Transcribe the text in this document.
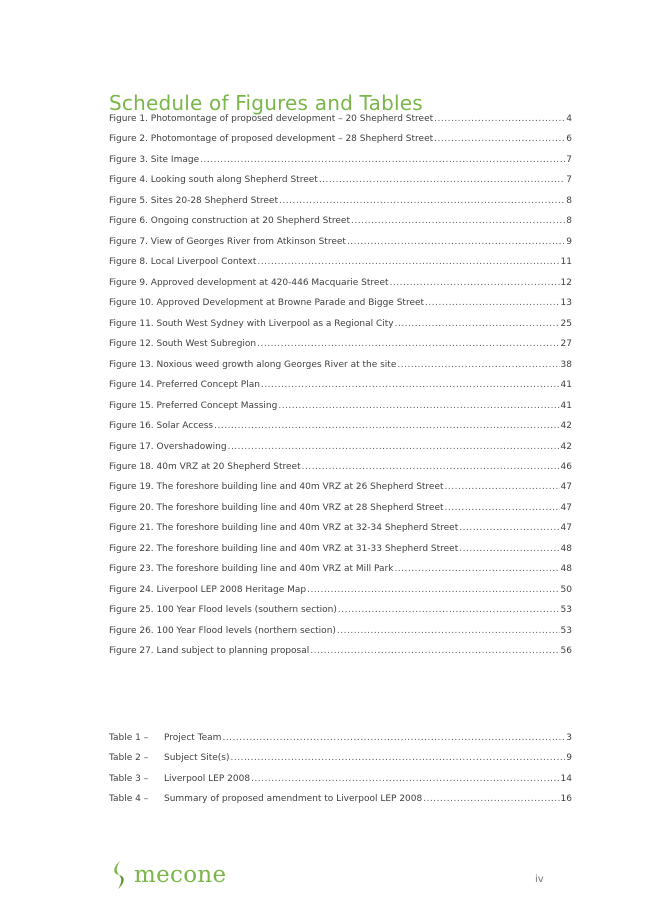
Schedule of Figures and Tables
Figure 1. Photomontage of proposed development – 20 Shepherd Street .....	4
Figure 2. Photomontage of proposed development – 28 Shepherd Street .....	6
Figure 3. Site Image .....	7
Figure 4. Looking south along Shepherd Street .....	7
Figure 5. Sites 20-28 Shepherd Street .....	8
Figure 6. Ongoing construction at 20 Shepherd Street .....	8
Figure 7. View of Georges River from Atkinson Street .....	9
Figure 8. Local Liverpool Context .....	11
Figure 9. Approved development at 420-446 Macquarie Street .....	12
Figure 10. Approved Development at Browne Parade and Bigge Street .....	13
Figure 11. South West Sydney with Liverpool as a Regional City .....	25
Figure 12. South West Subregion .....	27
Figure 13. Noxious weed growth along Georges River at the site .....	38
Figure 14. Preferred Concept Plan .....	41
Figure 15. Preferred Concept Massing .....	41
Figure 16. Solar Access .....	42
Figure 17. Overshadowing .....	42
Figure 18. 40m VRZ at 20 Shepherd Street .....	46
Figure 19. The foreshore building line and 40m VRZ at 26 Shepherd Street .....	47
Figure 20. The foreshore building line and 40m VRZ at 28 Shepherd Street .....	47
Figure 21. The foreshore building line and 40m VRZ at 32-34 Shepherd Street .....	47
Figure 22. The foreshore building line and 40m VRZ at 31-33 Shepherd Street .....	48
Figure 23. The foreshore building line and 40m VRZ at Mill Park .....	48
Figure 24. Liverpool LEP 2008 Heritage Map .....	50
Figure 25. 100 Year Flood levels (southern section) .....	53
Figure 26. 100 Year Flood levels (northern section) .....	53
Figure 27. Land subject to planning proposal .....	56
Table 1 –	Project Team .....	3
Table 2 –	Subject Site(s) .....	9
Table 3 –	Liverpool LEP 2008 .....	14
Table 4 –	Summary of proposed amendment to Liverpool LEP 2008 .....	16
mecone	iv
